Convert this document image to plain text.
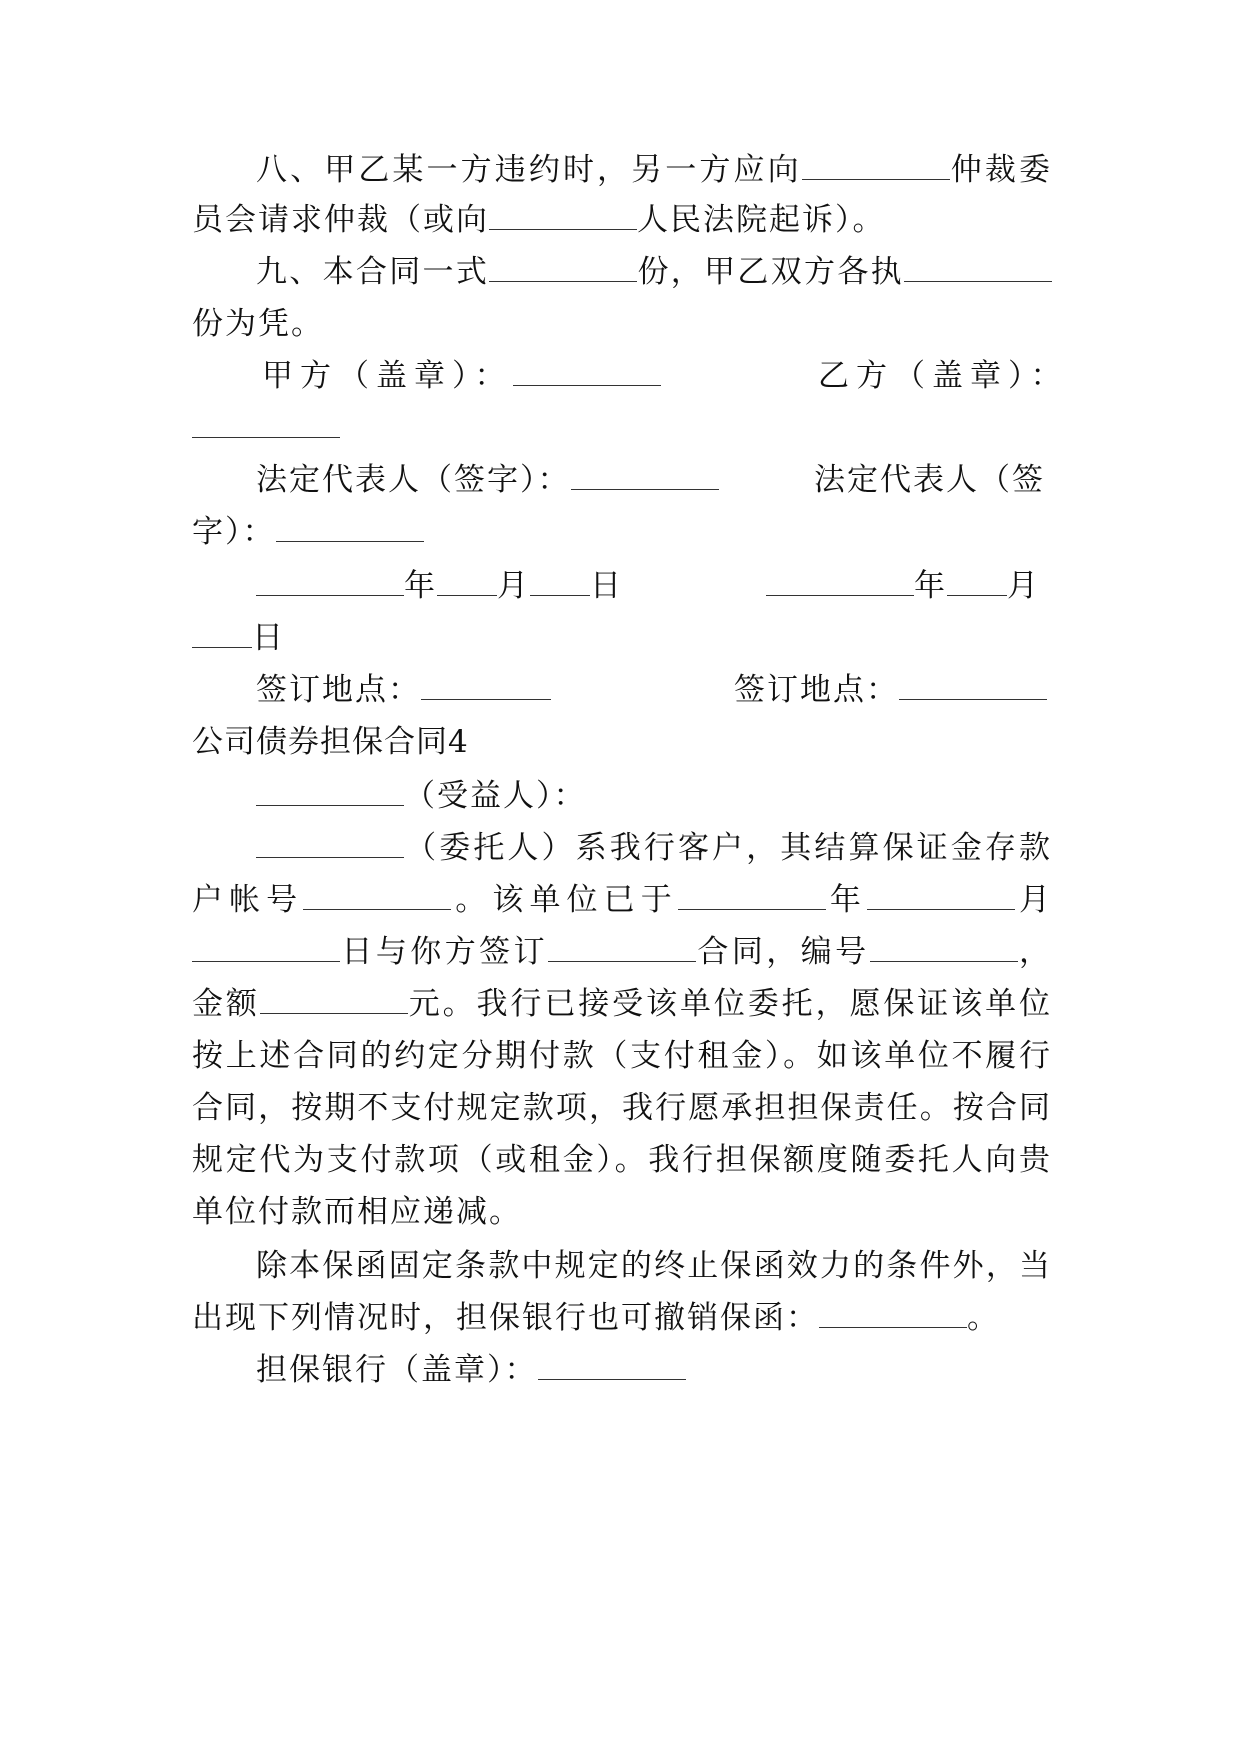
八、甲乙某一方违约时，另一方应向	仲裁委
员会请求仲裁（或向	人民法院起诉）。
九、本合同一式	份，甲乙双方各执
份为凭。
甲方（盖章）：	乙方（盖章）：
法定代表人（签字）：	法定代表人（签
字）：
年 月 日	年 月
日
签订地点：	签订地点：
公司债券担保合同4
（受益人）：
（委托人）系我行客户，其结算保证金存款
户帐号	。该单位已于	年	月
日与你方签订	合同，编号	，
金额	元。我行已接受该单位委托，愿保证该单位
按上述合同的约定分期付款（支付租金）。如该单位不履行
合同，按期不支付规定款项，我行愿承担担保责任。按合同
规定代为支付款项（或租金）。我行担保额度随委托人向贵
单位付款而相应递减。
除本保函固定条款中规定的终止保函效力的条件外，当
出现下列情况时，担保银行也可撤销保函：	。
担保银行（盖章）：
